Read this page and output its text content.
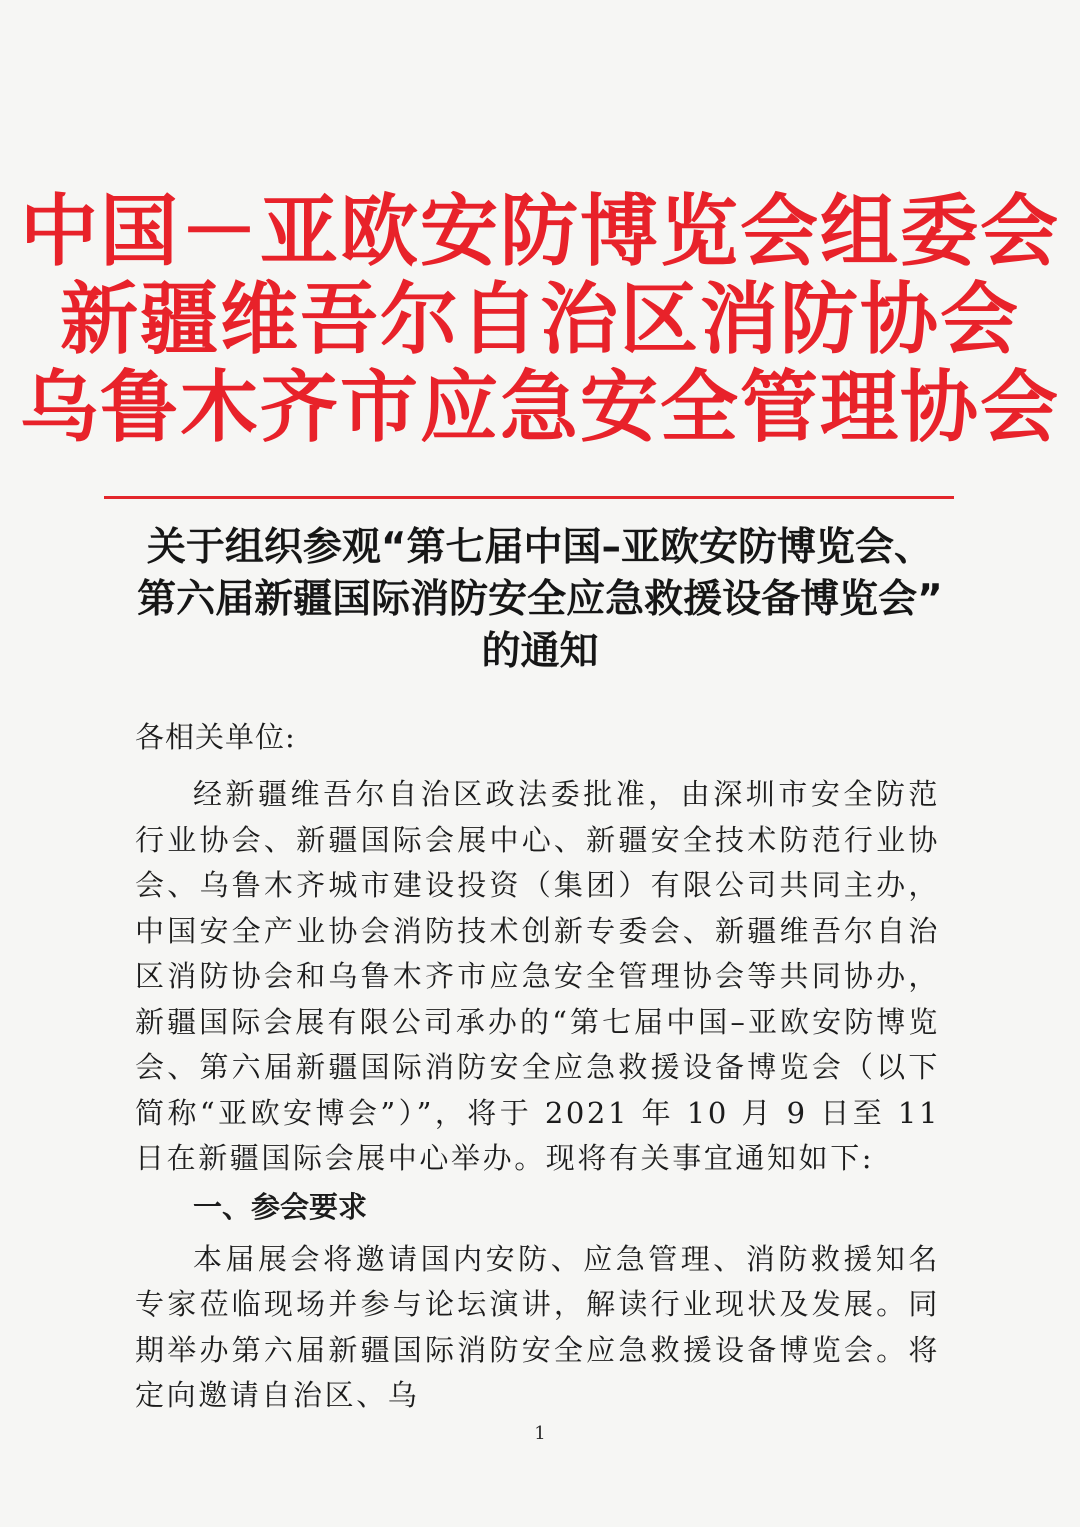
中国－亚欧安防博览会组委会

新疆维吾尔自治区消防协会

乌鲁木齐市应急安全管理协会

关于组织参观“第七届中国–亚欧安防博览会、

第六届新疆国际消防安全应急救援设备博览会”

的通知

各相关单位:

经新疆维吾尔自治区政法委批准，由深圳市安全防范行业协会、新疆国际会展中心、新疆安全技术防范行业协会、乌鲁木齐城市建设投资（集团）有限公司共同主办，中国安全产业协会消防技术创新专委会、新疆维吾尔自治区消防协会和乌鲁木齐市应急安全管理协会等共同协办，新疆国际会展有限公司承办的“第七届中国–亚欧安防博览会、第六届新疆国际消防安全应急救援设备博览会（以下简称“亚欧安博会”）”，将于 2021 年 10 月 9 日至 11 日在新疆国际会展中心举办。现将有关事宜通知如下:

一、参会要求

本届展会将邀请国内安防、应急管理、消防救援知名专家莅临现场并参与论坛演讲，解读行业现状及发展。同期举办第六届新疆国际消防安全应急救援设备博览会。将定向邀请自治区、乌

1
